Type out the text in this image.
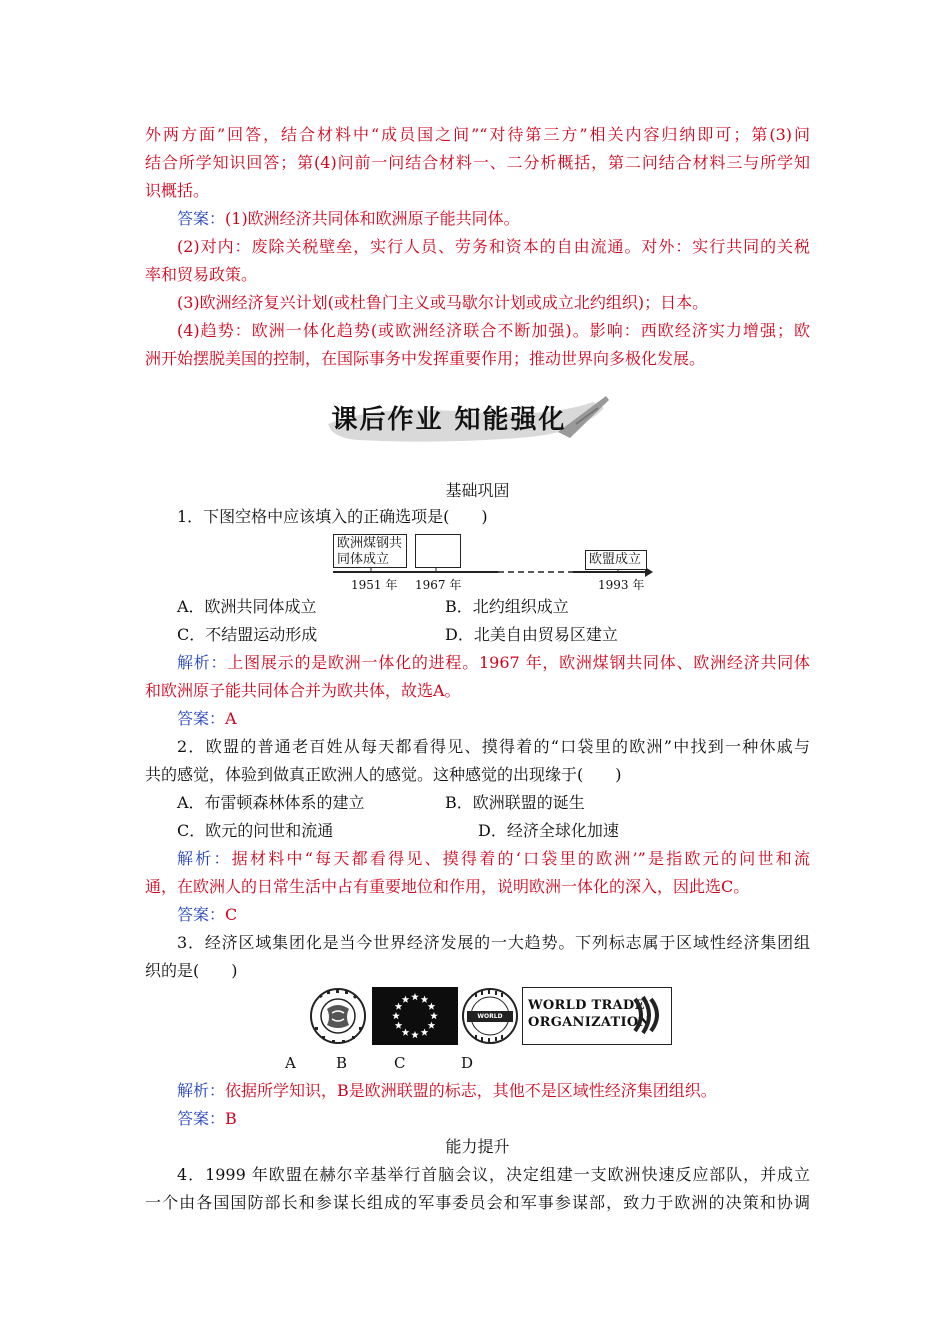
外两方面”回答，结合材料中“成员国之间”“对待第三方”相关内容归纳即可；第(3)问
结合所学知识回答；第(4)问前一问结合材料一、二分析概括，第二问结合材料三与所学知
识概括。
答案：(1)欧洲经济共同体和欧洲原子能共同体。
(2)对内：废除关税壁垒，实行人员、劳务和资本的自由流通。对外：实行共同的关税
率和贸易政策。
(3)欧洲经济复兴计划(或杜鲁门主义或马歇尔计划或成立北约组织)；日本。
(4)趋势：欧洲一体化趋势(或欧洲经济联合不断加强)。影响：西欧经济实力增强；欧
洲开始摆脱美国的控制，在国际事务中发挥重要作用；推动世界向多极化发展。
课后作业 知能强化
基础巩固
1．下图空格中应该填入的正确选项是(　　)
欧洲煤钢共同体成立	欧盟成立
1951 年 1967 年	1993 年
A．欧洲共同体成立	B．北约组织成立
C．不结盟运动形成	D．北美自由贸易区建立
解析：上图展示的是欧洲一体化的进程。1967 年，欧洲煤钢共同体、欧洲经济共同体
和欧洲原子能共同体合并为欧共体，故选A。
答案：A
2．欧盟的普通老百姓从每天都看得见、摸得着的“口袋里的欧洲”中找到一种休戚与
共的感觉，体验到做真正欧洲人的感觉。这种感觉的出现缘于(　　)
A．布雷顿森林体系的建立	B．欧洲联盟的诞生
C．欧元的问世和流通	D．经济全球化加速
解析：据材料中“每天都看得见、摸得着的‘口袋里的欧洲’”是指欧元的问世和流
通，在欧洲人的日常生活中占有重要地位和作用，说明欧洲一体化的深入，因此选C。
答案：C
3．经济区域集团化是当今世界经济发展的一大趋势。下列标志属于区域性经济集团组
织的是(　　)
WORLD BANK
WORLD TRADE
ORGANIZATION
A	B	C	D
解析：依据所学知识，B是欧洲联盟的标志，其他不是区域性经济集团组织。
答案：B
能力提升
4．1999 年欧盟在赫尔辛基举行首脑会议，决定组建一支欧洲快速反应部队，并成立
一个由各国国防部长和参谋长组成的军事委员会和军事参谋部，致力于欧洲的决策和协调
